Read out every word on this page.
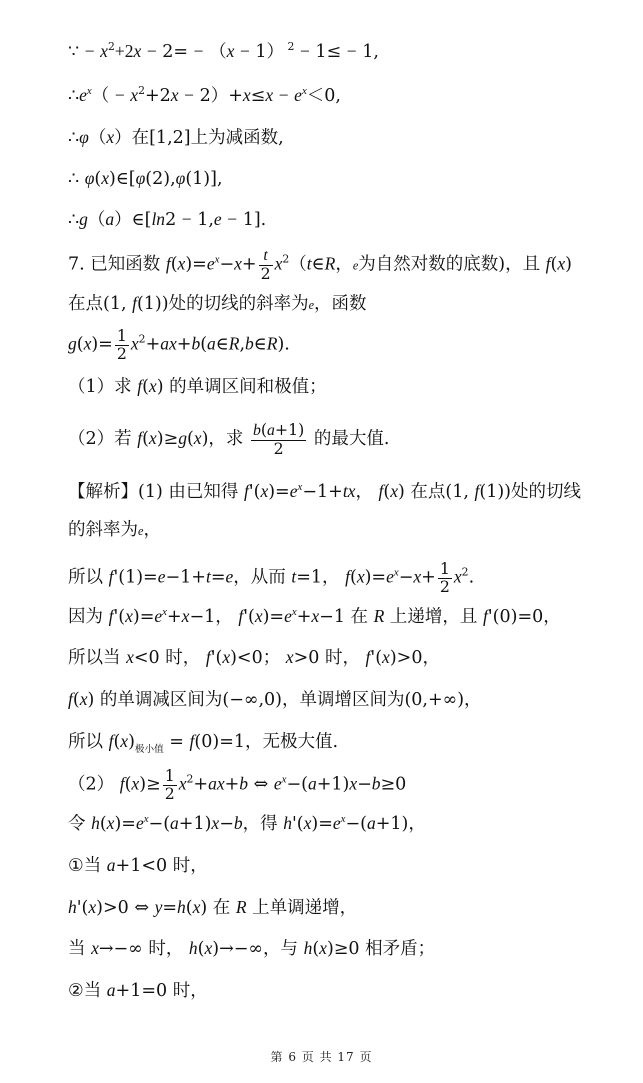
∵ − $x^2+2x - 2= - (x - 1) ^2 - 1\le - 1$,
$\therefore e^x( - x^2+2x - 2)+x\le x - e^x<0$,
∴φ（x）在[1,2]上为减函数,
∴ φ(x)∈[φ(2),φ(1)],
∴g（a）∈[ln2 − 1,e − 1].
7. 已知函数 $f(x)=e^x-x+ \frac{t}{2}$ $x^2(t\in R$，e为自然对数的底数)，且 f(x)
在点(1, f(1))处的切线的斜率为e，函数
$g(x)= \frac{1}{2}$ $x^2+ax+b(a\in R,b\in R)$.
（1）求 f(x) 的单调区间和极值；
（2）若 f(x)≥g(x)，求 $\frac{b(a+1)}{2}$ 的最大值.
【解析】(1) 由已知得 $f'(x)=e^x-1+tx$， f(x) 在点(1, f(1))处的切线
的斜率为e，
所以 f'(1)=e−1+t=e，从而 t=1， $f(x)=e^x-x+ \frac{1}{2} x^2$.
因为 $f'(x)=e^x+x-1$， $f'(x)=e^x+x-1$ 在 R 上递增，且 f'(0)=0，
所以当 x<0 时， f'(x)<0； x>0 时， f'(x)>0，
f(x) 的单调减区间为(−∞,0)，单调增区间为(0,+∞)，
所以 $f(x)_{极小值} = f(0)=1$，无极大值.
（2） $f(x)\ge \frac{1}{2} x^2+ax+b$ ⇔ $e^x-(a+1)x-b\ge 0$
令 $h(x)=e^x-(a+1)x-b$，得 $h'(x)=e^x-(a+1)$，
①当 a+1<0 时，
h'(x)>0 ⇔ y=h(x) 在 R 上单调递增，
当 x→−∞ 时， h(x)→−∞，与 h(x)≥0 相矛盾；
②当 a+1=0 时，
第 6 页 共 17 页
